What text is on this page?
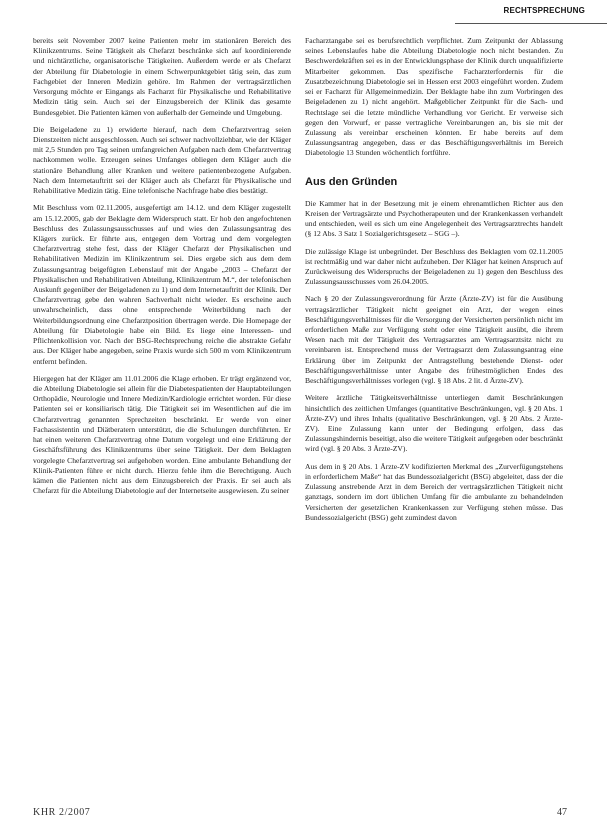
RECHTSPRECHUNG

bereits seit November 2007 keine Patienten mehr im stationären Bereich des Klinikzentrums. Seine Tätigkeit als Chefarzt beschränke sich auf koordinierende und nichtärztliche, organisatorische Tätigkeiten. Außerdem werde er als Chefarzt der Abteilung für Diabetologie in einem Schwerpunktgebiet tätig sein, das zum Fachgebiet der Inneren Medizin gehöre. Im Rahmen der vertragsärztlichen Versorgung möchte er Eingangs als Facharzt für Physikalische und Rehabilitative Medizin tätig sein. Auch sei der Einzugsbereich der Klinik das gesamte Bundesgebiet. Die Patienten kämen von außerhalb der Gemeinde und Umgebung.

Die Beigeladene zu 1) erwiderte hierauf, nach dem Chefarztvertrag seien Dienstzeiten nicht ausgeschlossen. Auch sei schwer nachvollziehbar, wie der Kläger mit 2,5 Stunden pro Tag seinen umfangreichen Aufgaben nach dem Chefarztvertrag nachkommen wolle. Erzeugen seines Umfanges obliegen dem Kläger auch die stationäre Behandlung aller Kranken und weitere patientenbezogene Aufgaben. Nach dem Internetauftritt sei der Kläger auch als Chefarzt für Physikalische und Rehabilitative Medizin tätig. Eine telefonische Nachfrage habe dies bestätigt.

Mit Beschluss vom 02.11.2005, ausgefertigt am 14.12. und dem Kläger zugestellt am 15.12.2005, gab der Beklagte dem Widerspruch statt. Er hob den angefochtenen Beschluss des Zulassungsausschusses auf und wies den Zulassungsantrag des Klägers zurück. Er führte aus, entgegen dem Vortrag und dem vorgelegten Chefarztvertrag stehe fest, dass der Kläger Chefarzt der Physikalischen und Rehabilitativen Medizin im Klinikzentrum sei. Dies ergebe sich aus dem dem Zulassungsantrag beigefügten Lebenslauf mit der Angabe „2003 – Chefarzt der Physikalischen und Rehabilitativen Abteilung, Klinikzentrum M.“, der telefonischen Auskunft gegenüber der Beigeladenen zu 1) und dem Internetauftritt der Klinik. Der Chefarztvertrag gebe den wahren Sachverhalt nicht wieder. Es erscheine auch unwahrscheinlich, dass ohne entsprechende Weiterbildung nach der Weiterbildungsordnung eine Chefarztposition übertragen werde. Die Homepage der Abteilung für Diabetologie habe ein Bild. Es liege eine Interessen- und Pflichtenkollision vor. Nach der BSG-Rechtsprechung reiche die abstrakte Gefahr aus. Der Kläger habe angegeben, seine Praxis wurde sich 500 m vom Klinikzentrum entfernt befinden.

Hiergegen hat der Kläger am 11.01.2006 die Klage erhoben. Er trägt ergänzend vor, die Abteilung Diabetologie sei allein für die Diabetespatienten der Hauptabteilungen Orthopädie, Neurologie und Innere Medizin/Kardiologie errichtet worden. Für diese Patienten sei er konsiliarisch tätig. Die Tätigkeit sei im Wesentlichen auf die im Chefarztvertrag genannten Sprechzeiten beschränkt. Er werde von einer Fachassistentin und Diätberatern unterstützt, die die Schulungen durchführten. Er hat einen weiteren Chefarztvertrag ohne Datum vorgelegt und eine Erklärung der Geschäftsführung des Klinikzentrums über seine Tätigkeit. Der dem Beklagten vorgelegte Chefarztvertrag sei aufgehoben worden. Eine ambulante Behandlung der Klinik-Patienten führe er nicht durch. Hierzu fehle ihm die Berechtigung. Auch kämen die Patienten nicht aus dem Einzugsbereich der Praxis. Er sei auch als Chefarzt für die Abteilung Diabetologie auf der Internetseite ausgewiesen. Zu seiner

Facharztangabe sei es berufsrechtlich verpflichtet. Zum Zeitpunkt der Ablassung seines Lebenslaufes habe die Abteilung Diabetologie noch nicht bestanden. Zu Beschwerdekräften sei es in der Entwicklungsphase der Klinik durch unqualifizierte Mitarbeiter gekommen. Das spezifische Facharzterfordernis für die Zusatzbezeichnung Diabetologie sei in Hessen erst 2003 eingeführt worden. Zudem sei er Facharzt für Allgemeinmedizin. Der Beklagte habe ihn zum Vorbringen des Beigeladenen zu 1) nicht angehört. Maßgeblicher Zeitpunkt für die Sach- und Rechtslage sei die letzte mündliche Verhandlung vor Gericht. Er verweise sich gegen den Vorwurf, er passe vertragliche Vereinbarungen an, bis sie mit der Zulassung als vereinbar erscheinen könnten. Er habe bereits auf dem Zulassungsantrag angegeben, dass er das Beschäftigungsverhältnis im Bereich Diabetologie 13 Stunden wöchentlich fortführe.

Aus den Gründen

Die Kammer hat in der Besetzung mit je einem ehrenamtlichen Richter aus den Kreisen der Vertragsärzte und Psychotherapeuten und der Krankenkassen verhandelt und entschieden, weil es sich um eine Angelegenheit des Vertragsarztrechts handelt (§ 12 Abs. 3 Satz 1 Sozialgerichtsgesetz – SGG –).

Die zulässige Klage ist unbegründet. Der Beschluss des Beklagten vom 02.11.2005 ist rechtmäßig und war daher nicht aufzuheben. Der Kläger hat keinen Anspruch auf Zurückweisung des Widerspruchs der Beigeladenen zu 1) gegen den Beschluss des Zulassungsausschusses vom 26.04.2005.

Nach § 20 der Zulassungsverordnung für Ärzte (Ärzte-ZV) ist für die Ausübung vertragsärztlicher Tätigkeit nicht geeignet ein Arzt, der wegen eines Beschäftigungsverhältnisses für die Versorgung der Versicherten persönlich nicht im erforderlichen Maße zur Verfügung steht oder eine Tätigkeit ausübt, die ihrem Wesen nach mit der Tätigkeit des Vertragsarztes am Vertragsarztsitz nicht zu vereinbaren ist. Entsprechend muss der Vertragsarzt dem Zulassungsantrag eine Erklärung über im Zeitpunkt der Antragstellung bestehende Dienst- oder Beschäftigungsverhältnisse unter Angabe des frühestmöglichen Endes des Beschäftigungsverhältnisses vorlegen (vgl. § 18 Abs. 2 lit. d Ärzte-ZV).

Weitere ärztliche Tätigkeitsverhältnisse unterliegen damit Beschränkungen hinsichtlich des zeitlichen Umfanges (quantitative Beschränkungen, vgl. § 20 Abs. 1 Ärzte-ZV) und ihres Inhalts (qualitative Beschränkungen, vgl. § 20 Abs. 2 Ärzte-ZV). Eine Zulassung kann unter der Bedingung erfolgen, dass das Zulassungshindernis beseitigt, also die weitere Tätigkeit aufgegeben oder beschränkt wird (vgl. § 20 Abs. 3 Ärzte-ZV).

Aus dem in § 20 Abs. 1 Ärzte-ZV kodifizierten Merkmal des „Zurverfügungstehens in erforderlichem Maße“ hat das Bundessozialgericht (BSG) abgeleitet, dass der die Zulassung anstrebende Arzt in dem Bereich der vertragsärztlichen Tätigkeit nicht ganztags, sondern im dort üblichen Umfang für die ambulante zu behandelnden Versicherten der gesetzlichen Krankenkassen zur Verfügung stehen müsse. Das Bundessozialgericht (BSG) geht zumindest davon

KHR 2/2007	47
